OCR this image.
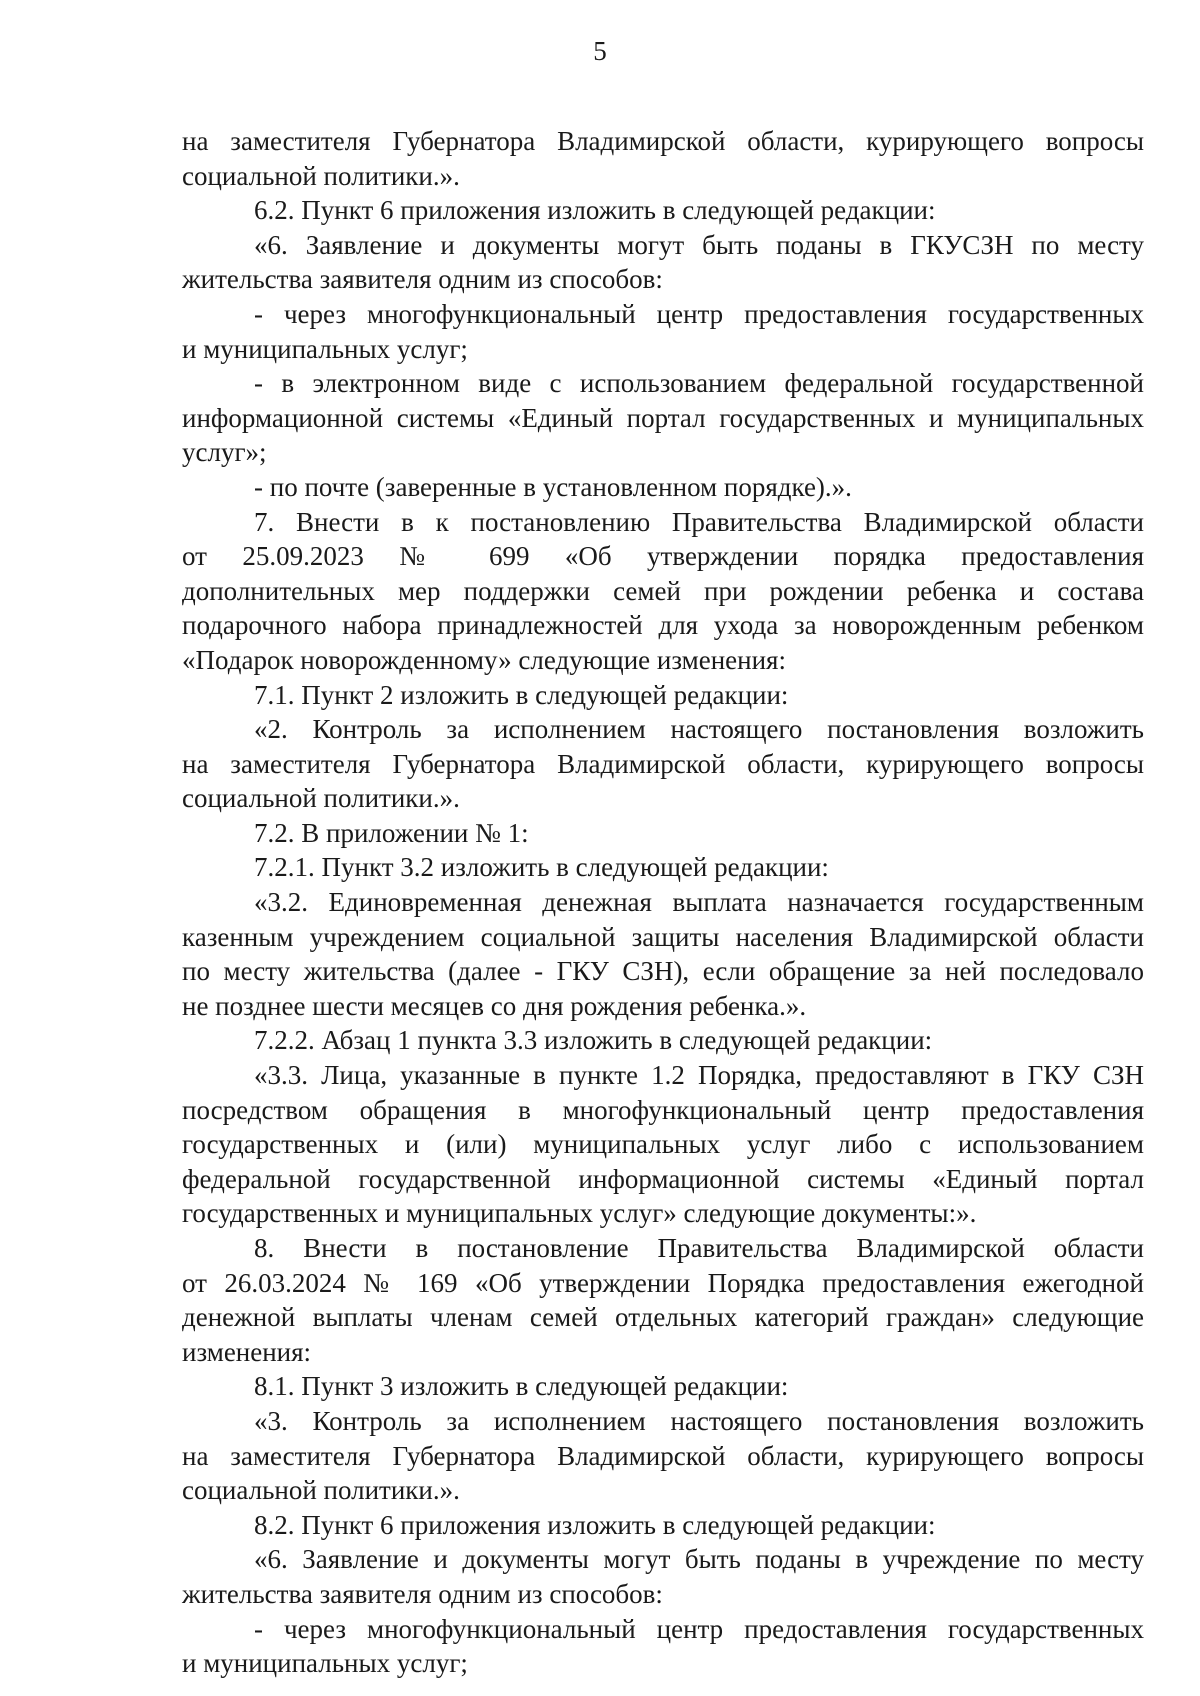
5

на заместителя Губернатора Владимирской области, курирующего вопросы

социальной политики.».

6.2. Пункт 6 приложения изложить в следующей редакции:

«6. Заявление и документы могут быть поданы в ГКУСЗН по месту

жительства заявителя одним из способов:

- через многофункциональный центр предоставления государственных

и муниципальных услуг;

- в электронном виде с использованием федеральной государственной

информационной системы «Единый портал государственных и муниципальных

услуг»;

- по почте (заверенные в установленном порядке).».

7. Внести в к постановлению Правительства Владимирской области

от 25.09.2023 № 699 «Об утверждении порядка предоставления

дополнительных мер поддержки семей при рождении ребенка и состава

подарочного набора принадлежностей для ухода за новорожденным ребенком

«Подарок новорожденному» следующие изменения:

7.1. Пункт 2 изложить в следующей редакции:

«2. Контроль за исполнением настоящего постановления возложить

на заместителя Губернатора Владимирской области, курирующего вопросы

социальной политики.».

7.2. В приложении № 1:

7.2.1. Пункт 3.2 изложить в следующей редакции:

«3.2. Единовременная денежная выплата назначается государственным

казенным учреждением социальной защиты населения Владимирской области

по месту жительства (далее - ГКУ СЗН), если обращение за ней последовало

не позднее шести месяцев со дня рождения ребенка.».

7.2.2. Абзац 1 пункта 3.3 изложить в следующей редакции:

«3.3. Лица, указанные в пункте 1.2 Порядка, предоставляют в ГКУ СЗН

посредством обращения в многофункциональный центр предоставления

государственных и (или) муниципальных услуг либо с использованием

федеральной государственной информационной системы «Единый портал

государственных и муниципальных услуг» следующие документы:».

8. Внести в постановление Правительства Владимирской области

от 26.03.2024 № 169 «Об утверждении Порядка предоставления ежегодной

денежной выплаты членам семей отдельных категорий граждан» следующие

изменения:

8.1. Пункт 3 изложить в следующей редакции:

«3. Контроль за исполнением настоящего постановления возложить

на заместителя Губернатора Владимирской области, курирующего вопросы

социальной политики.».

8.2. Пункт 6 приложения изложить в следующей редакции:

«6. Заявление и документы могут быть поданы в учреждение по месту

жительства заявителя одним из способов:

- через многофункциональный центр предоставления государственных

и муниципальных услуг;
